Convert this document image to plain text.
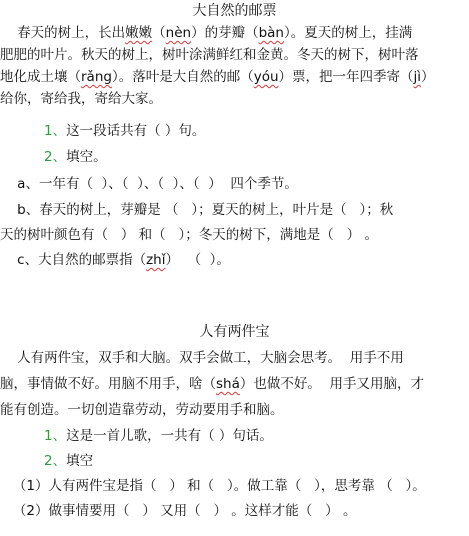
大自然的邮票
春天的树上，长出嫩嫩（nèn）的芽瓣（bàn）。夏天的树上，挂满
肥肥的叶片。秋天的树上，树叶涂满鲜红和金黄。冬天的树下，树叶落
地化成土壤（rǎng）。落叶是大自然的邮（yóu）票，把一年四季寄（jì）
给你，寄给我，寄给大家。
1、这一段话共有（ ）句。
2、填空。
a、一年有（  ）、（  ）、（  ）、（  ）  四个季节。
b、春天的树上，芽瓣是 （   ）；夏天的树上，叶片是（   ）；秋
天的树叶颜色有（   ） 和（   ）；冬天的树下，满地是（   ） 。
c、大自然的邮票指（zhǐ）  （  ）。
人有两件宝
人有两件宝，双手和大脑。双手会做工，大脑会思考。  用手不用
脑，事情做不好。用脑不用手，啥（shá）也做不好。  用手又用脑，才
能有创造。一切创造靠劳动，劳动要用手和脑。
1、这是一首儿歌，一共有（ ）句话。
2、填空
（1）人有两件宝是指（   ） 和（   ）。做工靠（   ），思考靠 （   ）。
（2）做事情要用（   ） 又用（   ） 。这样才能（   ） 。
